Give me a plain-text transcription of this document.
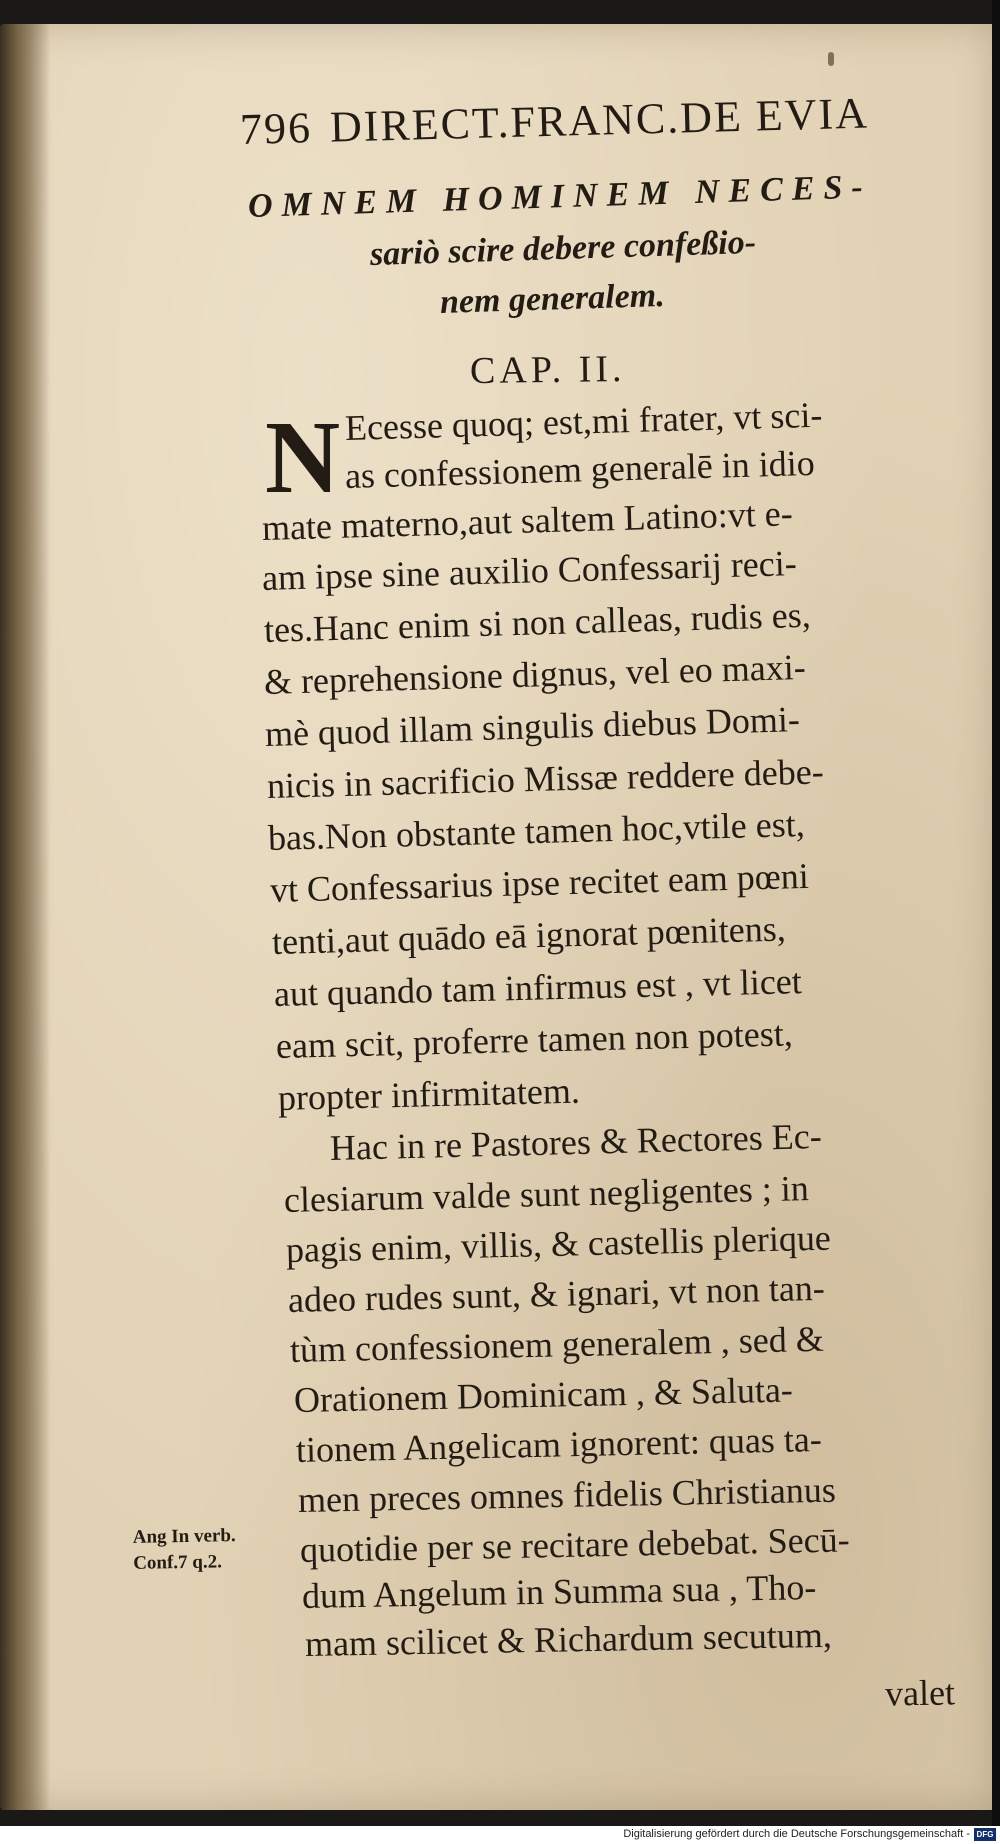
796 DIRECT.FRANC.DE EVIA
OMNEM HOMINEM NECES-
sariò scire debere confeßio-
nem generalem.
CAP. II.
N Ecesse quoq; est,mi frater, vt sci-
as confessionem generalē in idio
mate materno,aut saltem Latino:vt e-
am ipse sine auxilio Confessarij reci-
tes.Hanc enim si non calleas, rudis es,
& reprehensione dignus, vel eo maxi-
mè quod illam singulis diebus Domi-
nicis in sacrificio Missæ reddere debe-
bas.Non obstante tamen hoc,vtile est,
vt Confessarius ipse recitet eam pœni
tenti,aut quādo eā ignorat pœnitens,
aut quando tam infirmus est , vt licet
eam scit, proferre tamen non potest,
propter infirmitatem.
Hac in re Pastores & Rectores Ec-
clesiarum valde sunt negligentes ; in
pagis enim, villis, & castellis plerique
adeo rudes sunt, & ignari, vt non tan-
tùm confessionem generalem , sed &
Orationem Dominicam , & Saluta-
tionem Angelicam ignorent: quas ta-
men preces omnes fidelis Christianus
quotidie per se recitare debebat. Secū-
dum Angelum in Summa sua , Tho-
mam scilicet & Richardum secutum,
Ang In verb.
Conf.7 q.2.
valet
Digitalisierung gefördert durch die Deutsche Forschungsgemeinschaft - DFG
